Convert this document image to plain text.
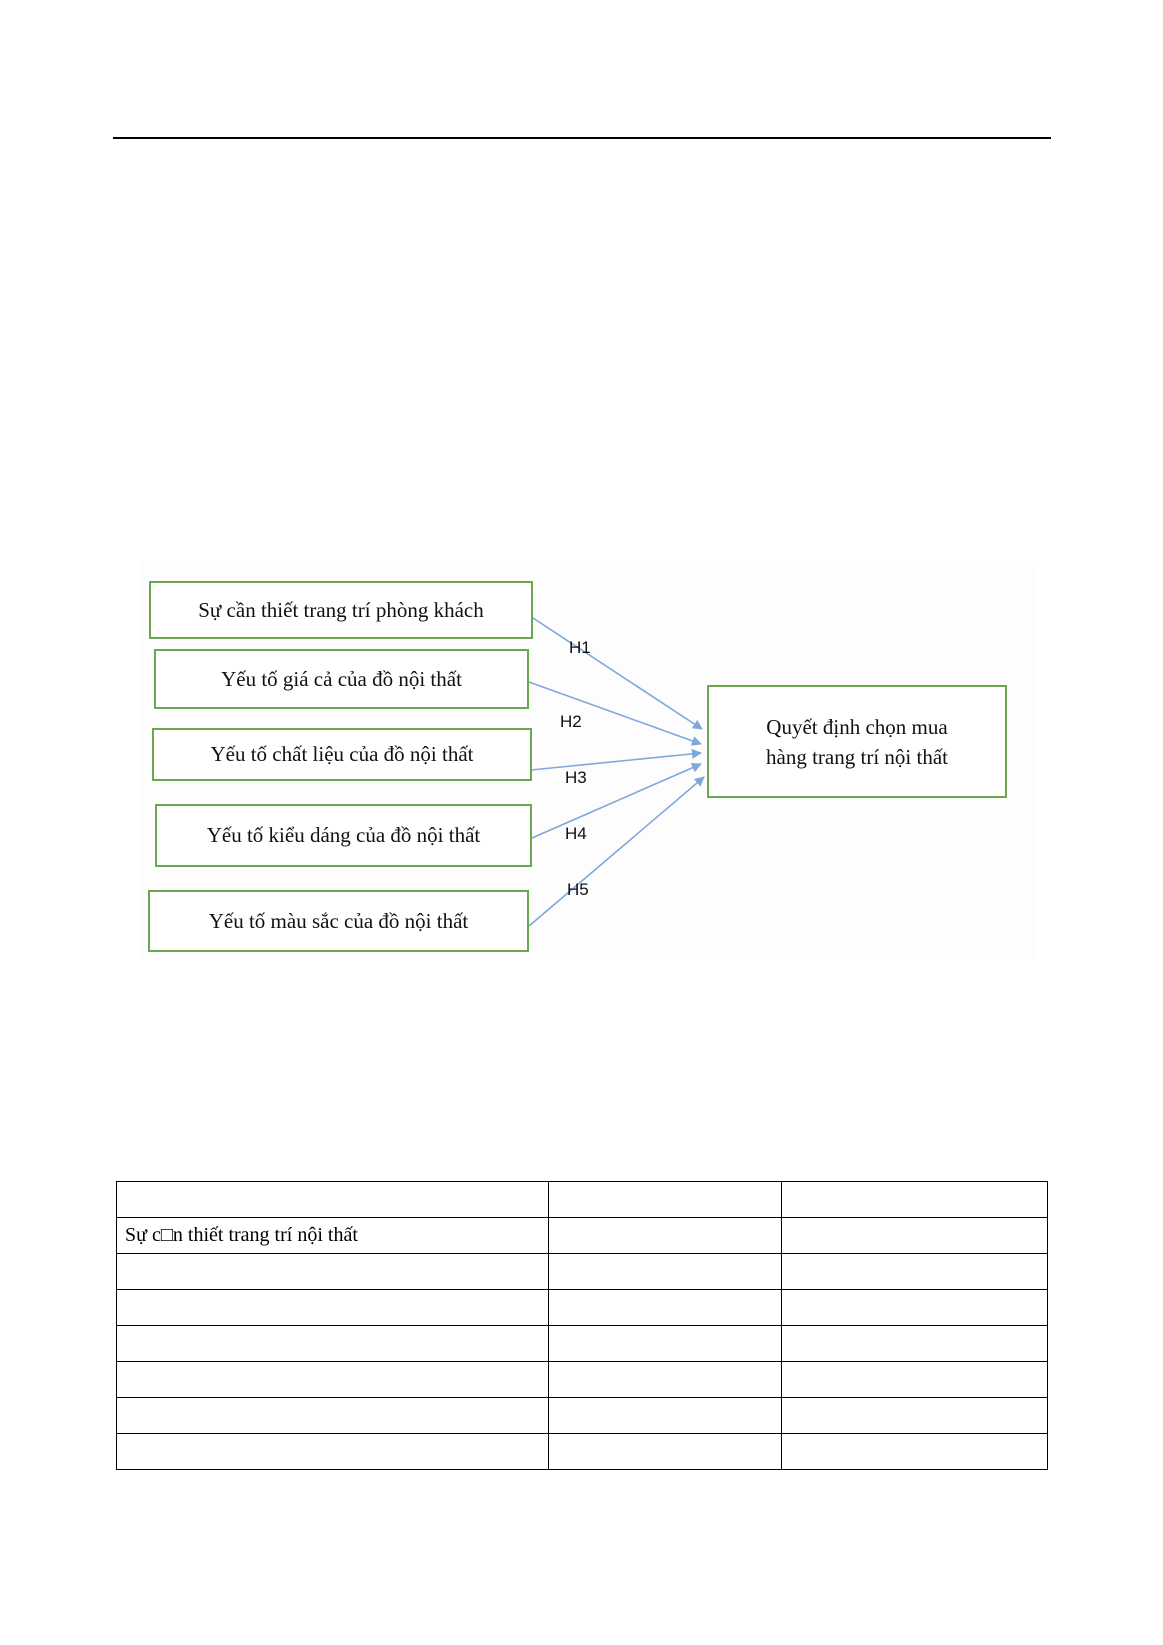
Sự cần thiết trang trí phòng khách
Yếu tố giá cả của đồ nội thất
Yếu tố chất liệu của đồ nội thất
Yếu tố kiểu dáng của đồ nội thất
Yếu tố màu sắc của đồ nội thất
Quyết định chọn mua
hàng trang trí nội thất
H1
H2
H3
H4
H5

Sự c□n thiết trang trí nội thất		
